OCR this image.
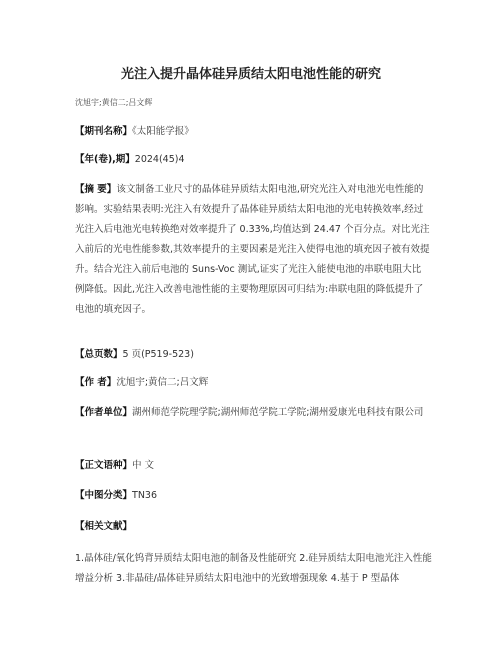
光注入提升晶体硅异质结太阳电池性能的研究
沈旭宇;黄信二;吕文辉
【期刊名称】《太阳能学报》
【年(卷),期】2024(45)4
【摘 要】该文制备工业尺寸的晶体硅异质结太阳电池,研究光注入对电池光电性能的影响。实验结果表明:光注入有效提升了晶体硅异质结太阳电池的光电转换效率,经过光注入后电池光电转换绝对效率提升了 0.33%,均值达到 24.47 个百分点。对比光注入前后的光电性能参数,其效率提升的主要因素是光注入使得电池的填充因子被有效提升。结合光注入前后电池的 Suns-Voc 测试,证实了光注入能使电池的串联电阻大比例降低。因此,光注入改善电池性能的主要物理原因可归结为:串联电阻的降低提升了电池的填充因子。
【总页数】5 页(P519-523)
【作 者】沈旭宇;黄信二;吕文辉
【作者单位】湖州师范学院理学院;湖州师范学院工学院;湖州爱康光电科技有限公司
【正文语种】中 文
【中图分类】TN36
【相关文献】
1.晶体硅/氧化钨背异质结太阳电池的制备及性能研究 2.硅异质结太阳电池光注入性能增益分析 3.非晶硅/晶体硅异质结太阳电池中的光致增强现象 4.基于 P 型晶体
